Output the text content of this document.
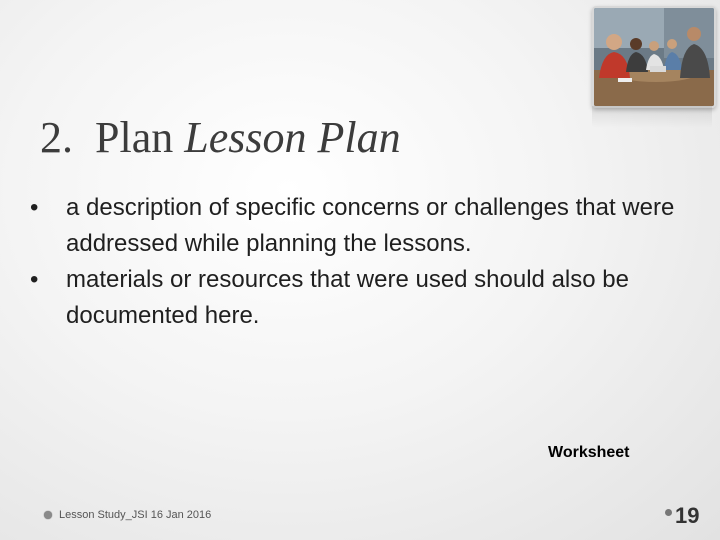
2. Plan Lesson Plan
• a description of specific concerns or challenges that were addressed while planning the lessons.
• materials or resources that were used should also be documented here.
Worksheet
Lesson Study_JSI 16 Jan 2016	19
